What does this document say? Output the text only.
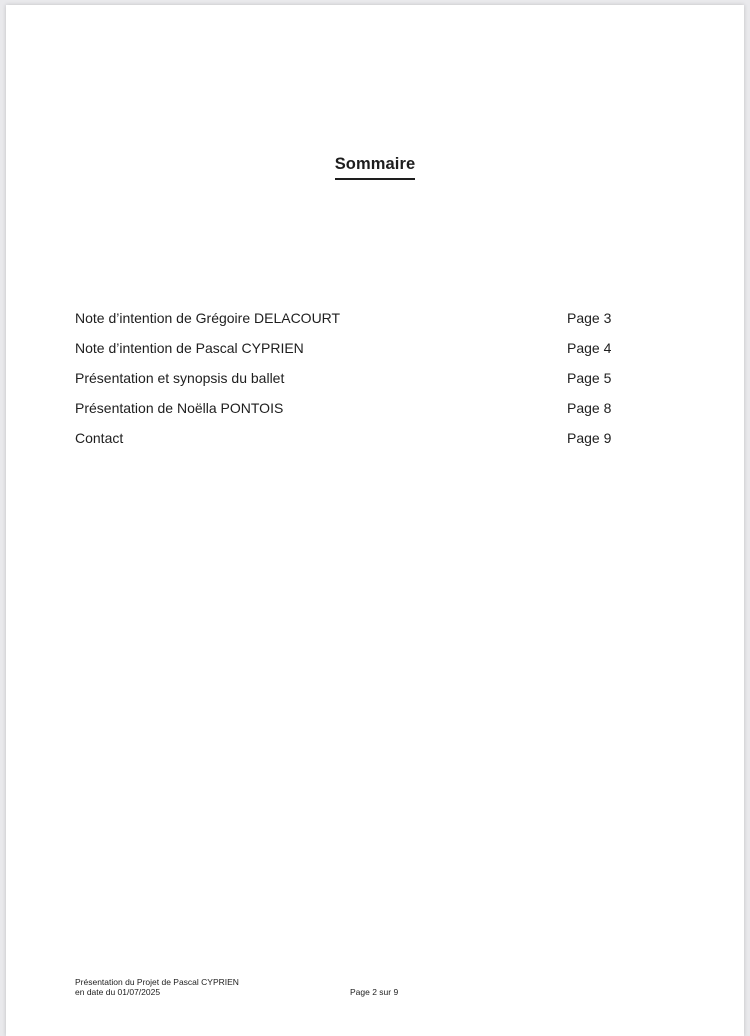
Sommaire
Note d’intention de Grégoire DELACOURT	Page 3
Note d’intention de Pascal CYPRIEN	Page 4
Présentation et synopsis du ballet	Page 5
Présentation de Noëlla PONTOIS	Page 8
Contact	Page 9
Présentation du Projet de Pascal CYPRIEN
en date du 01/07/2025	Page 2 sur 9
